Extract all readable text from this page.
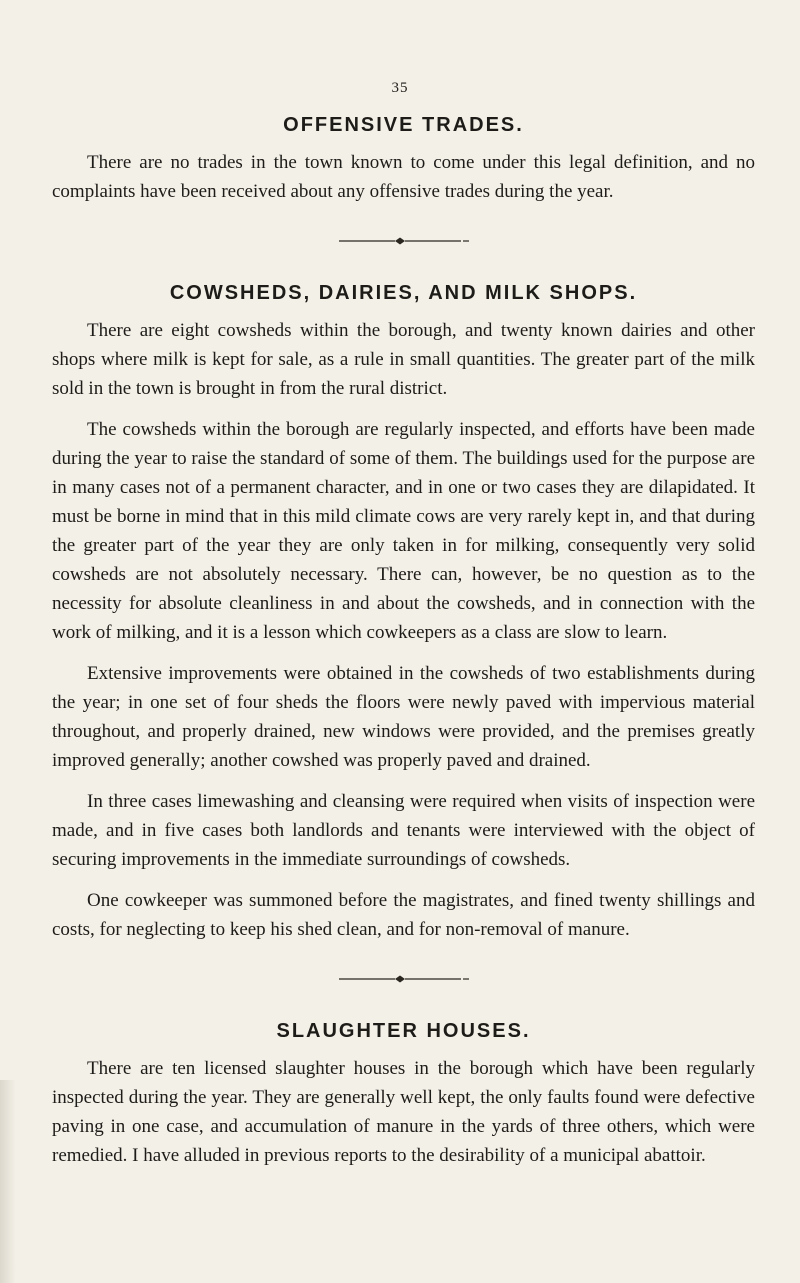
35
OFFENSIVE TRADES.

There are no trades in the town known to come under this legal definition, and no complaints have been received about any offensive trades during the year.

COWSHEDS, DAIRIES, AND MILK SHOPS.

There are eight cowsheds within the borough, and twenty known dairies and other shops where milk is kept for sale, as a rule in small quantities. The greater part of the milk sold in the town is brought in from the rural district.

The cowsheds within the borough are regularly inspected, and efforts have been made during the year to raise the standard of some of them. The buildings used for the purpose are in many cases not of a permanent character, and in one or two cases they are dilapidated. It must be borne in mind that in this mild climate cows are very rarely kept in, and that during the greater part of the year they are only taken in for milking, consequently very solid cowsheds are not absolutely necessary. There can, however, be no question as to the necessity for absolute cleanliness in and about the cowsheds, and in connection with the work of milking, and it is a lesson which cowkeepers as a class are slow to learn.

Extensive improvements were obtained in the cowsheds of two establishments during the year; in one set of four sheds the floors were newly paved with impervious material throughout, and properly drained, new windows were provided, and the premises greatly improved generally; another cowshed was properly paved and drained.

In three cases limewashing and cleansing were required when visits of inspection were made, and in five cases both landlords and tenants were interviewed with the object of securing improvements in the immediate surroundings of cowsheds.

One cowkeeper was summoned before the magistrates, and fined twenty shillings and costs, for neglecting to keep his shed clean, and for non-removal of manure.

SLAUGHTER HOUSES.

There are ten licensed slaughter houses in the borough which have been regularly inspected during the year. They are generally well kept, the only faults found were defective paving in one case, and accumulation of manure in the yards of three others, which were remedied. I have alluded in previous reports to the desirability of a municipal abattoir.
